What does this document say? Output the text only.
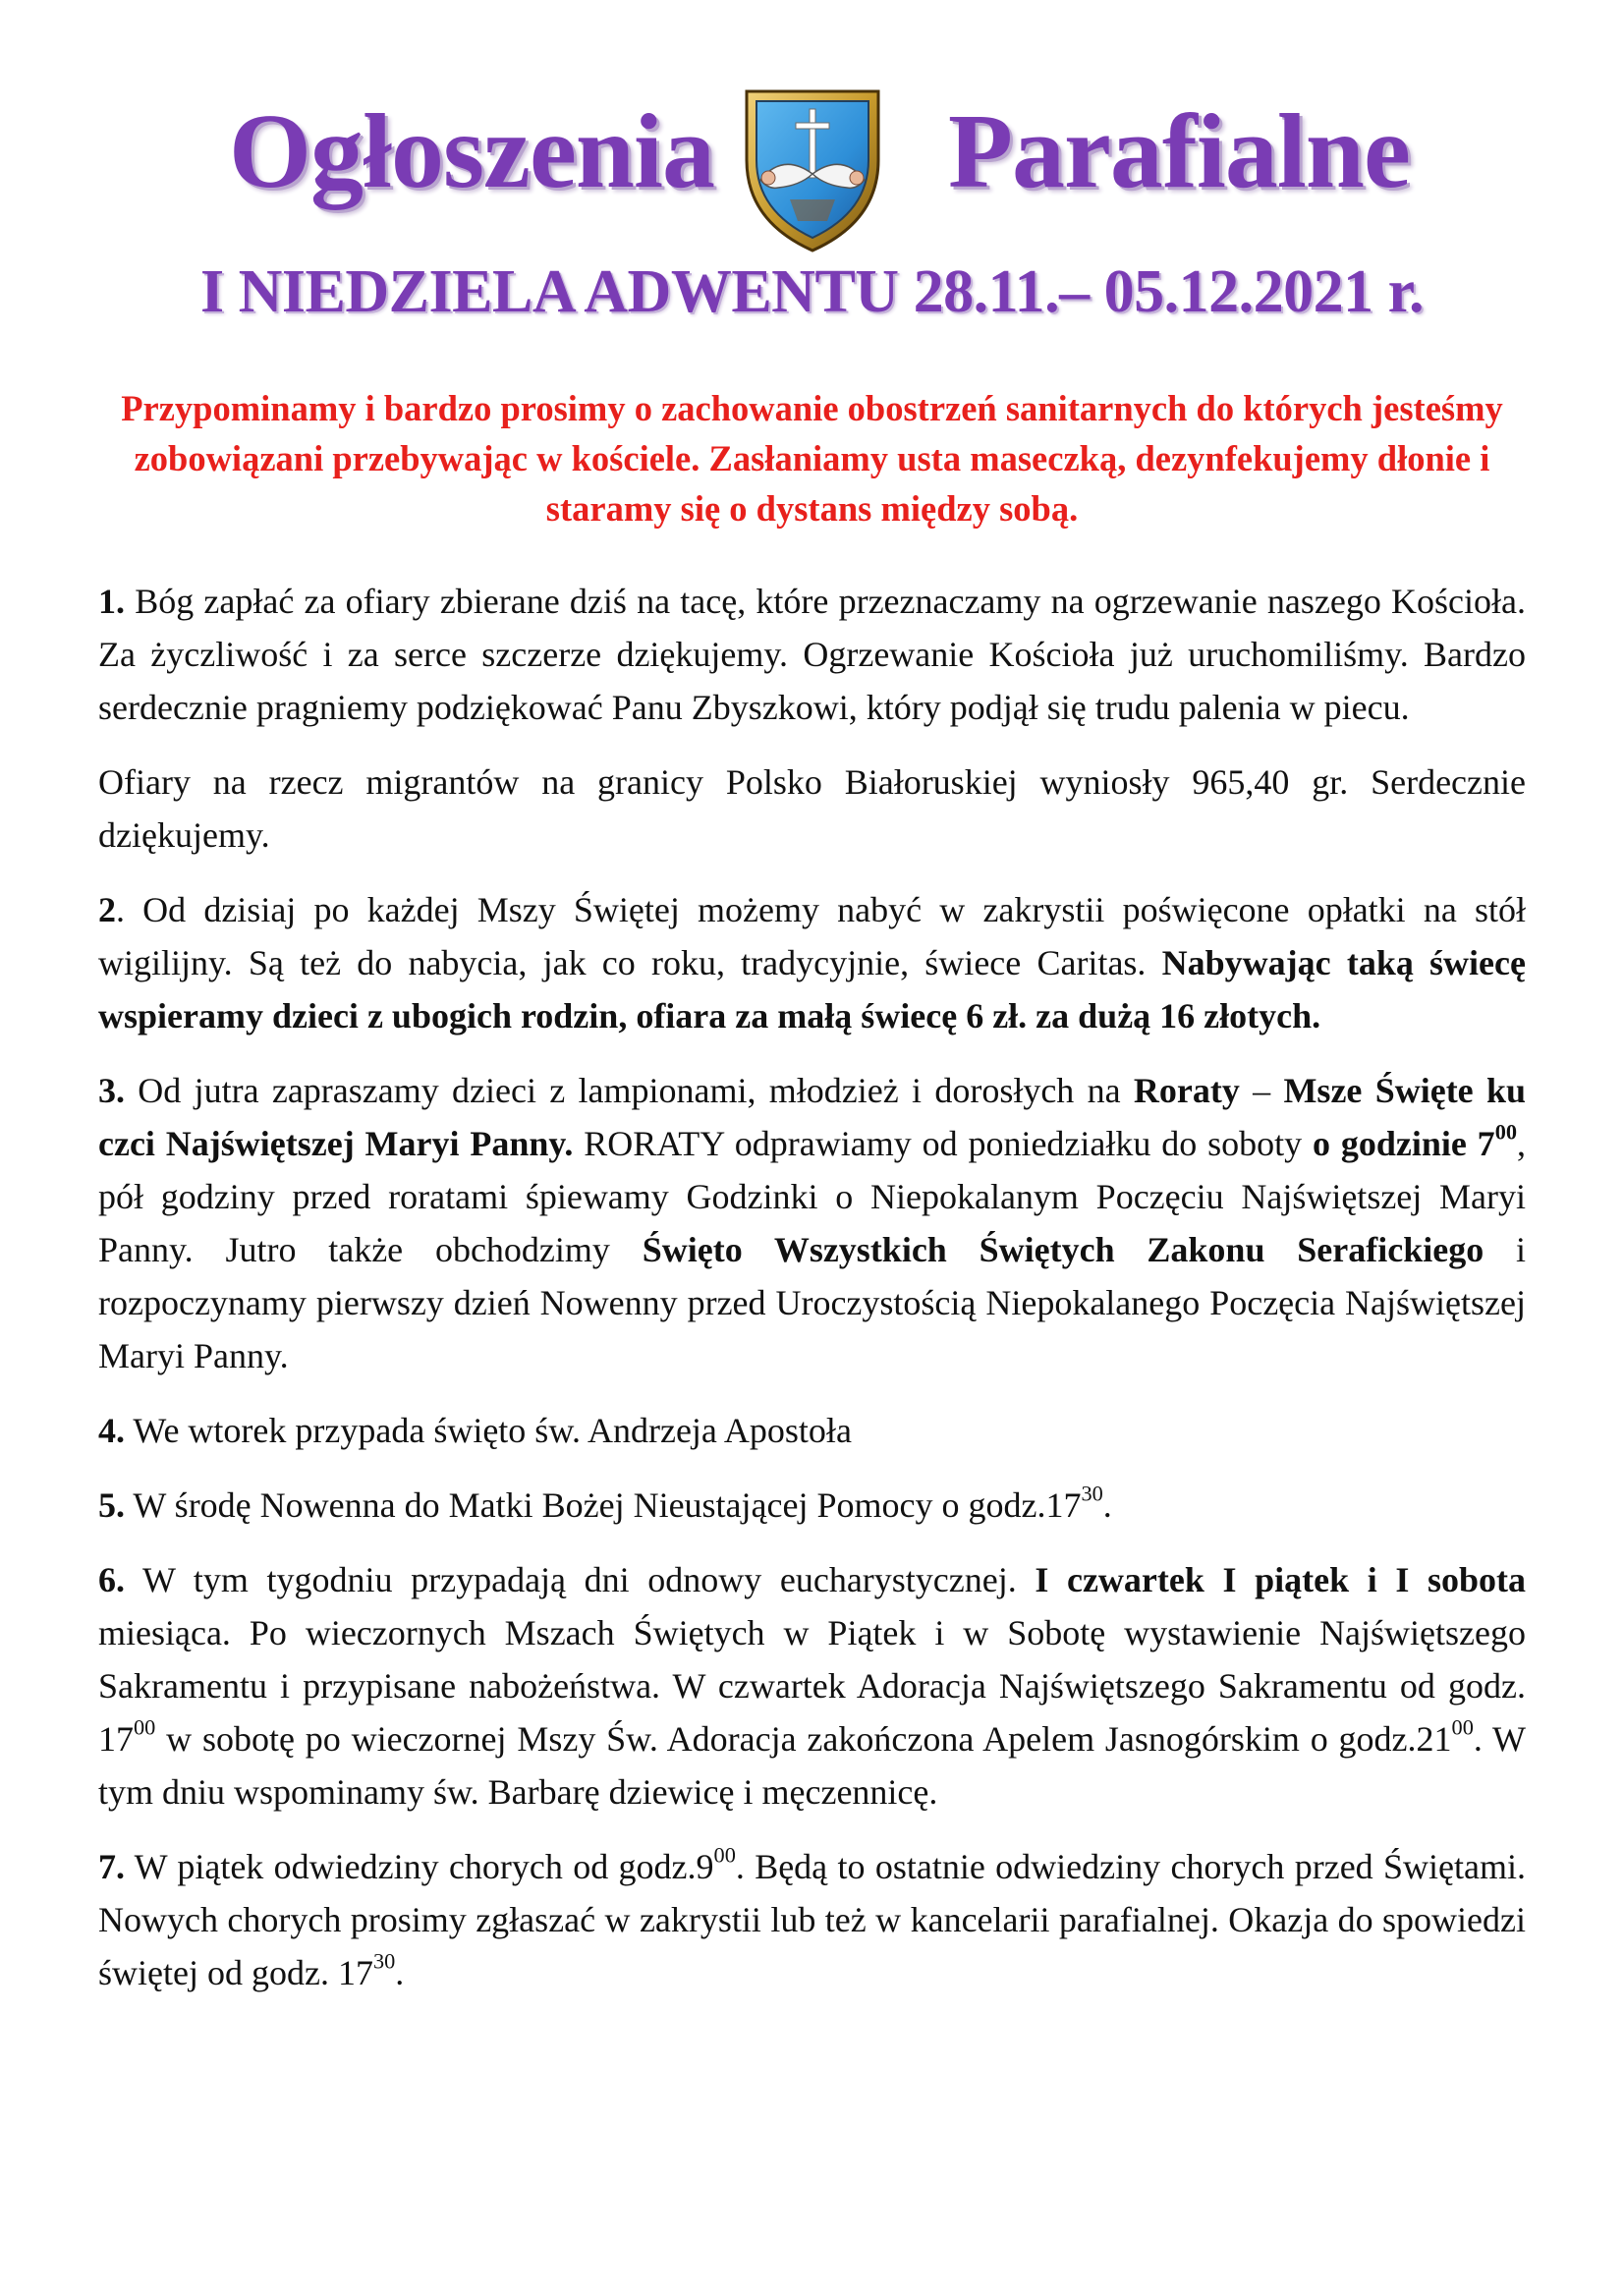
Ogłoszenia Parafialne
I NIEDZIELA ADWENTU 28.11.– 05.12.2021 r.
Przypominamy i bardzo prosimy o zachowanie obostrzeń sanitarnych do których jesteśmy zobowiązani przebywając w kościele. Zasłaniamy usta maseczką, dezynfekujemy dłonie i staramy się o dystans między sobą.

1. Bóg zapłać za ofiary zbierane dziś na tacę, które przeznaczamy na ogrzewanie naszego Kościoła. Za życzliwość i za serce szczerze dziękujemy. Ogrzewanie Kościoła już uruchomiliśmy. Bardzo serdecznie pragniemy podziękować Panu Zbyszkowi, który podjął się trudu palenia w piecu.

Ofiary na rzecz migrantów na granicy Polsko Białoruskiej wyniosły 965,40 gr. Serdecznie dziękujemy.

2. Od dzisiaj po każdej Mszy Świętej możemy nabyć w zakrystii poświęcone opłatki na stół wigilijny. Są też do nabycia, jak co roku, tradycyjnie, świece Caritas. Nabywając taką świecę wspieramy dzieci z ubogich rodzin, ofiara za małą świecę 6 zł. za dużą 16 złotych.

3. Od jutra zapraszamy dzieci z lampionami, młodzież i dorosłych na Roraty – Msze Święte ku czci Najświętszej Maryi Panny. RORATY odprawiamy od poniedziałku do soboty o godzinie $7^{00}$, pół godziny przed roratami śpiewamy Godzinki o Niepokalanym Poczęciu Najświętszej Maryi Panny. Jutro także obchodzimy Święto Wszystkich Świętych Zakonu Serafickiego i rozpoczynamy pierwszy dzień Nowenny przed Uroczystością Niepokalanego Poczęcia Najświętszej Maryi Panny.

4. We wtorek przypada święto św. Andrzeja Apostoła

5. W środę Nowenna do Matki Bożej Nieustającej Pomocy o $godz.17^{30}$.

6. W tym tygodniu przypadają dni odnowy eucharystycznej. I czwartek I piątek i I sobota miesiąca. Po wieczornych Mszach Świętych w Piątek i w Sobotę wystawienie Najświętszego Sakramentu i przypisane nabożeństwa. W czwartek Adoracja Najświętszego Sakramentu od godz. $17^{00}$ w sobotę po wieczornej Mszy Św. Adoracja zakończona Apelem Jasnogórskim o $godz.21^{00}$. W tym dniu wspominamy św. Barbarę dziewicę i męczennicę.

7. W piątek odwiedziny chorych od $godz.9^{00}$. Będą to ostatnie odwiedziny chorych przed Świętami. Nowych chorych prosimy zgłaszać w zakrystii lub też w kancelarii parafialnej. Okazja do spowiedzi świętej od godz. $17^{30}$.
